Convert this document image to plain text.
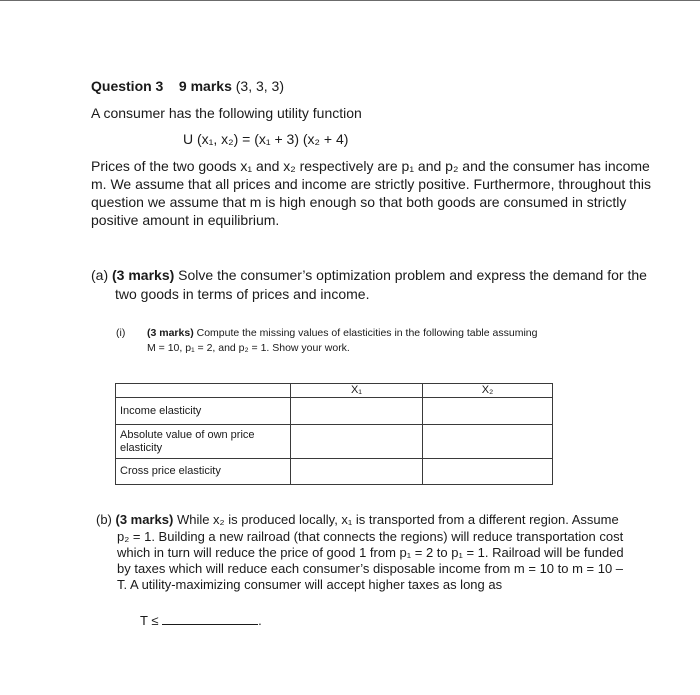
Question 3 9 marks (3, 3, 3)
A consumer has the following utility function
U (x₁, x₂) = (x₁ + 3) (x₂ + 4)
Prices of the two goods x₁ and x₂ respectively are p₁ and p₂ and the consumer has income
m. We assume that all prices and income are strictly positive. Furthermore, throughout this
question we assume that m is high enough so that both goods are consumed in strictly
positive amount in equilibrium.
(a) (3 marks) Solve the consumer’s optimization problem and express the demand for the
two goods in terms of prices and income.
(i) (3 marks) Compute the missing values of elasticities in the following table assuming
M = 10, p₁ = 2, and p₂ = 1. Show your work.
	X₁	X₂
Income elasticity		
Absolute value of own price
elasticity		
Cross price elasticity		
(b) (3 marks) While x₂ is produced locally, x₁ is transported from a different region. Assume
p₂ = 1. Building a new railroad (that connects the regions) will reduce transportation cost
which in turn will reduce the price of good 1 from p₁ = 2 to p₁ = 1. Railroad will be funded
by taxes which will reduce each consumer’s disposable income from m = 10 to m = 10 –
T. A utility-maximizing consumer will accept higher taxes as long as
T ≤	.
